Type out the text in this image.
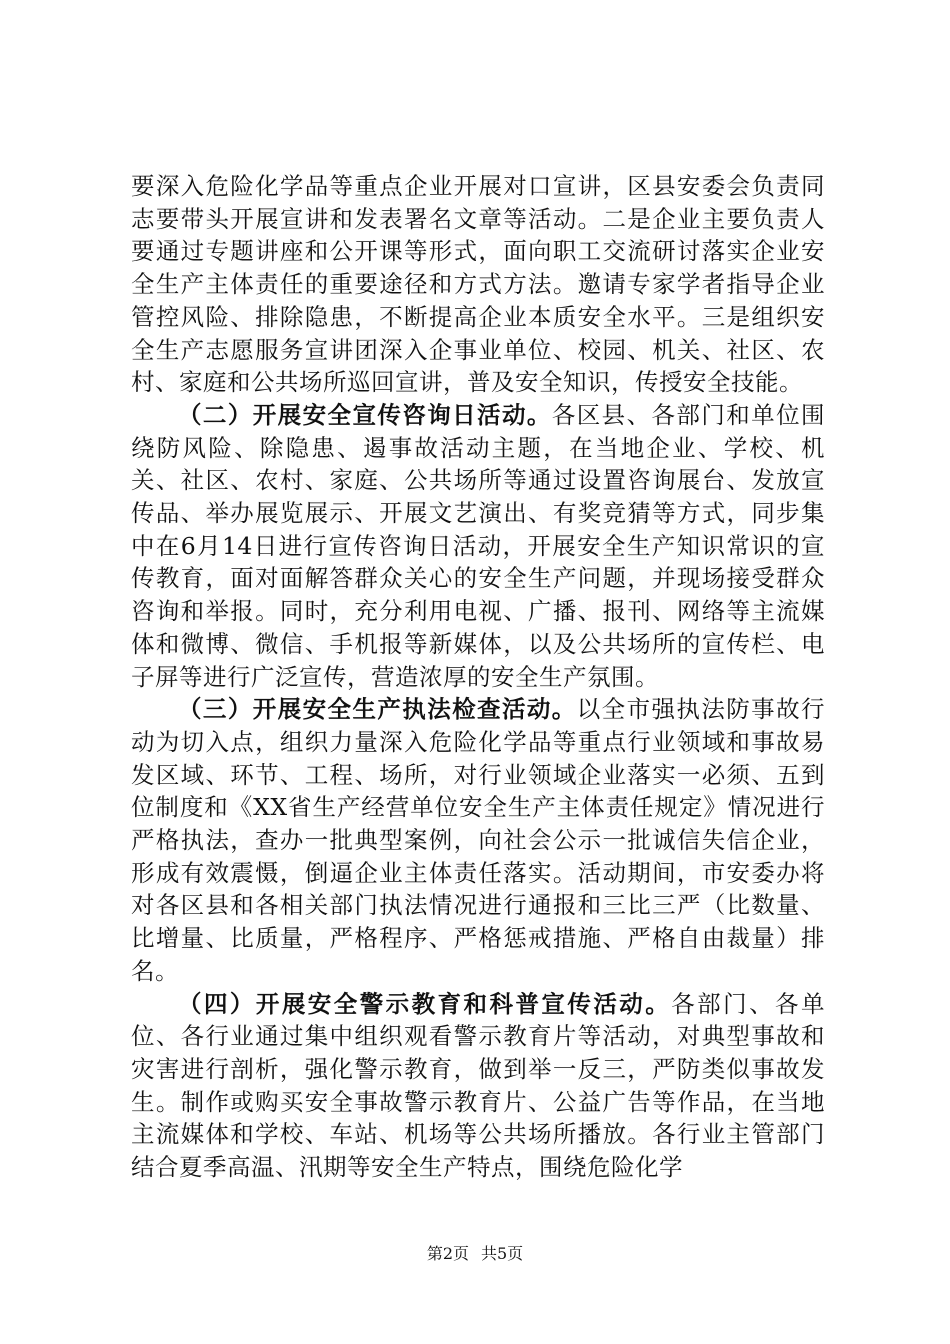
要深入危险化学品等重点企业开展对口宣讲，区县安委会负责同志要带头开展宣讲和发表署名文章等活动。二是企业主要负责人要通过专题讲座和公开课等形式，面向职工交流研讨落实企业安全生产主体责任的重要途径和方式方法。邀请专家学者指导企业管控风险、排除隐患，不断提高企业本质安全水平。三是组织安全生产志愿服务宣讲团深入企事业单位、校园、机关、社区、农村、家庭和公共场所巡回宣讲，普及安全知识，传授安全技能。

（二）开展安全宣传咨询日活动。各区县、各部门和单位围绕防风险、除隐患、遏事故活动主题，在当地企业、学校、机关、社区、农村、家庭、公共场所等通过设置咨询展台、发放宣传品、举办展览展示、开展文艺演出、有奖竞猜等方式，同步集中在6月14日进行宣传咨询日活动，开展安全生产知识常识的宣传教育，面对面解答群众关心的安全生产问题，并现场接受群众咨询和举报。同时，充分利用电视、广播、报刊、网络等主流媒体和微博、微信、手机报等新媒体，以及公共场所的宣传栏、电子屏等进行广泛宣传，营造浓厚的安全生产氛围。

（三）开展安全生产执法检查活动。以全市强执法防事故行动为切入点，组织力量深入危险化学品等重点行业领域和事故易发区域、环节、工程、场所，对行业领域企业落实一必须、五到位制度和《XX省生产经营单位安全生产主体责任规定》情况进行严格执法，查办一批典型案例，向社会公示一批诚信失信企业，形成有效震慑，倒逼企业主体责任落实。活动期间，市安委办将对各区县和各相关部门执法情况进行通报和三比三严（比数量、比增量、比质量，严格程序、严格惩戒措施、严格自由裁量）排名。

（四）开展安全警示教育和科普宣传活动。各部门、各单位、各行业通过集中组织观看警示教育片等活动，对典型事故和灾害进行剖析，强化警示教育，做到举一反三，严防类似事故发生。制作或购买安全事故警示教育片、公益广告等作品，在当地主流媒体和学校、车站、机场等公共场所播放。各行业主管部门结合夏季高温、汛期等安全生产特点，围绕危险化学

第2页 共5页
